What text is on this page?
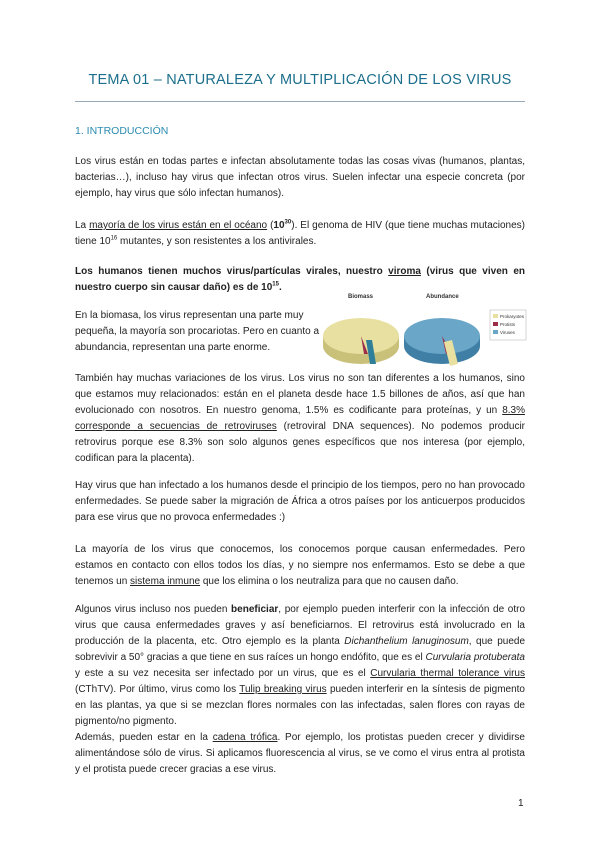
TEMA 01 – NATURALEZA Y MULTIPLICACIÓN DE LOS VIRUS
1. INTRODUCCIÓN

Los virus están en todas partes e infectan absolutamente todas las cosas vivas (humanos, plantas, bacterias…), incluso hay virus que infectan otros virus. Suelen infectar una especie concreta (por ejemplo, hay virus que sólo infectan humanos).

La mayoría de los virus están en el océano $(10^{30})$. El genoma de HIV (que tiene muchas mutaciones) tiene $10^{16}$ mutantes, y son resistentes a los antivirales.

Los humanos tienen muchos virus/partículas virales, nuestro viroma (virus que viven en nuestro cuerpo sin causar daño) es de $10^{15}$.

En la biomasa, los virus representan una parte muy pequeña, la mayoría son procariotas. Pero en cuanto a abundancia, representan una parte enorme.

Biomass	Abundance
Prokaryotes
Protists
Viruses

También hay muchas variaciones de los virus. Los virus no son tan diferentes a los humanos, sino que estamos muy relacionados: están en el planeta desde hace 1.5 billones de años, así que han evolucionado con nosotros. En nuestro genoma, 1.5% es codificante para proteínas, y un 8.3% corresponde a secuencias de retroviruses (retroviral DNA sequences). No podemos producir retrovirus porque ese 8.3% son solo algunos genes específicos que nos interesa (por ejemplo, codifican para la placenta).

Hay virus que han infectado a los humanos desde el principio de los tiempos, pero no han provocado enfermedades. Se puede saber la migración de África a otros países por los anticuerpos producidos para ese virus que no provoca enfermedades :)

La mayoría de los virus que conocemos, los conocemos porque causan enfermedades. Pero estamos en contacto con ellos todos los días, y no siempre nos enfermamos. Esto se debe a que tenemos un sistema inmune que los elimina o los neutraliza para que no causen daño.

Algunos virus incluso nos pueden beneficiar, por ejemplo pueden interferir con la infección de otro virus que causa enfermedades graves y así beneficiarnos. El retrovirus está involucrado en la producción de la placenta, etc. Otro ejemplo es la planta Dichanthelium lanuginosum, que puede sobrevivir a 50° gracias a que tiene en sus raíces un hongo endófito, que es el Curvularia protuberata y este a su vez necesita ser infectado por un virus, que es el Curvularia thermal tolerance virus (CThTV). Por último, virus como los Tulip breaking virus pueden interferir en la síntesis de pigmento en las plantas, ya que si se mezclan flores normales con las infectadas, salen flores con rayas de pigmento/no pigmento.

Además, pueden estar en la cadena trófica. Por ejemplo, los protistas pueden crecer y dividirse alimentándose sólo de virus. Si aplicamos fluorescencia al virus, se ve como el virus entra al protista y el protista puede crecer gracias a ese virus.

1
